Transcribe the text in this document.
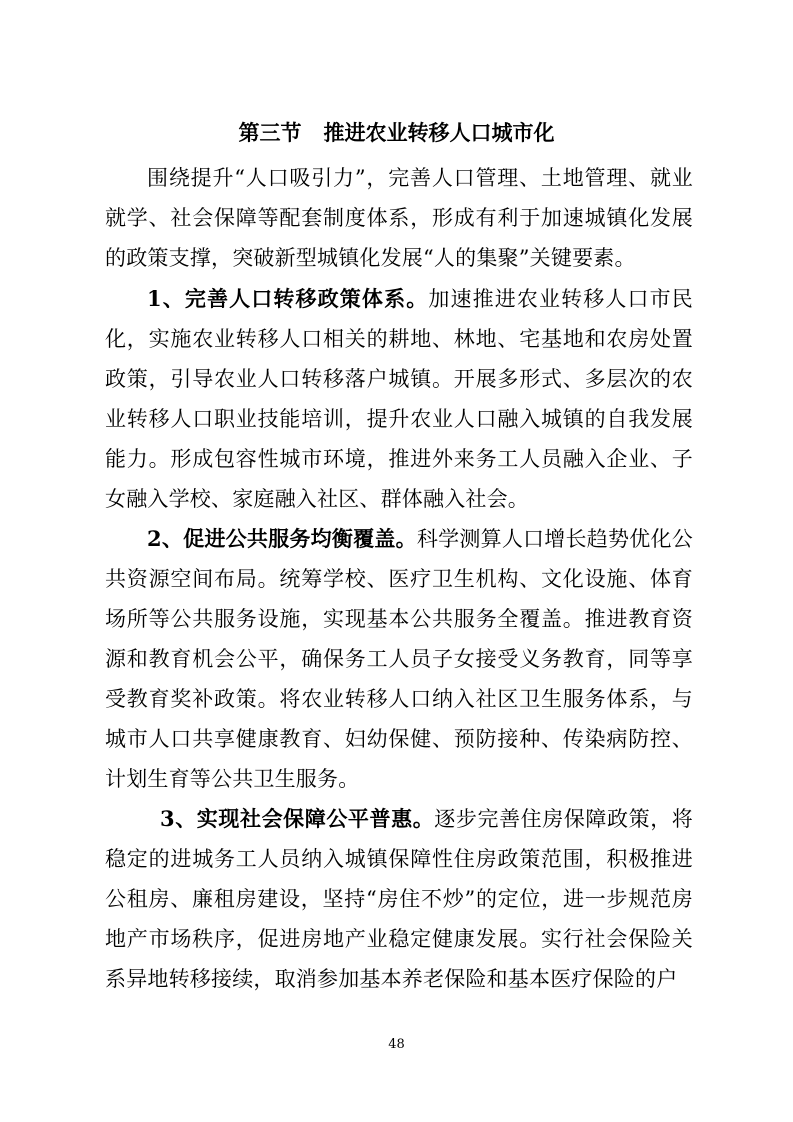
第三节   推进农业转移人口城市化

围绕提升“人口吸引力”，完善人口管理、土地管理、就业就学、社会保障等配套制度体系，形成有利于加速城镇化发展的政策支撑，突破新型城镇化发展“人的集聚”关键要素。

1、完善人口转移政策体系。加速推进农业转移人口市民化，实施农业转移人口相关的耕地、林地、宅基地和农房处置政策，引导农业人口转移落户城镇。开展多形式、多层次的农业转移人口职业技能培训，提升农业人口融入城镇的自我发展能力。形成包容性城市环境，推进外来务工人员融入企业、子女融入学校、家庭融入社区、群体融入社会。

2、促进公共服务均衡覆盖。科学测算人口增长趋势优化公共资源空间布局。统筹学校、医疗卫生机构、文化设施、体育场所等公共服务设施，实现基本公共服务全覆盖。推进教育资源和教育机会公平，确保务工人员子女接受义务教育，同等享受教育奖补政策。将农业转移人口纳入社区卫生服务体系，与城市人口共享健康教育、妇幼保健、预防接种、传染病防控、计划生育等公共卫生服务。

3、实现社会保障公平普惠。逐步完善住房保障政策，将稳定的进城务工人员纳入城镇保障性住房政策范围，积极推进公租房、廉租房建设，坚持“房住不炒”的定位，进一步规范房地产市场秩序，促进房地产业稳定健康发展。实行社会保险关系异地转移接续，取消参加基本养老保险和基本医疗保险的户

48
